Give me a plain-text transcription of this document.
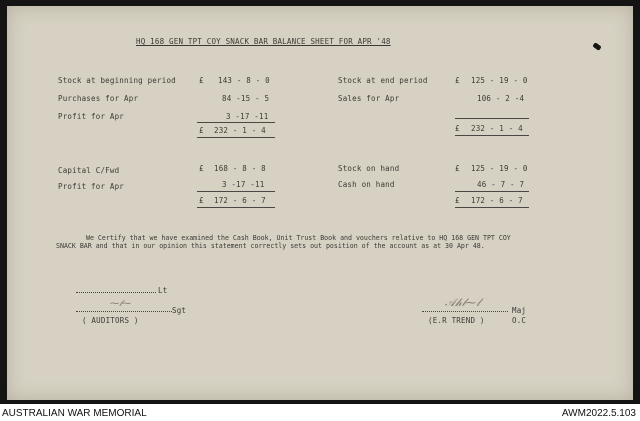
HQ 168 GEN TPT COY SNACK BAR BALANCE SHEET FOR APR '48
Stock at beginning period	£ 143 - 8 - 0
Purchases for Apr	84 -15 - 5
Profit for Apr	3 -17 -11
£ 232 - 1 - 4
Stock at end period	£ 125 - 19 - 0
Sales for Apr	106 - 2 -4
£ 232 - 1 - 4
Capital C/Fwd	£ 168 - 8 - 8
Profit for Apr	3 -17 -11
£ 172 - 6 - 7
Stock on hand	£ 125 - 19 - 0
Cash on hand	46 - 7 - 7
£ 172 - 6 - 7
We Certify that we have examined the Cash Book, Unit Trust Book and vouchers relative to HQ 168 GEN TPT COY
SNACK BAR and that in our opinion this statement correctly sets out position of the account as at 30 Apr 48.
Lt
⁓𝓁⁓
Sgt
( AUDITORS )
𝒜𝒽𝓁⁓𝓁
Maj
(E.R TREND )	O.C
AUSTRALIAN WAR MEMORIAL	AWM2022.5.103
